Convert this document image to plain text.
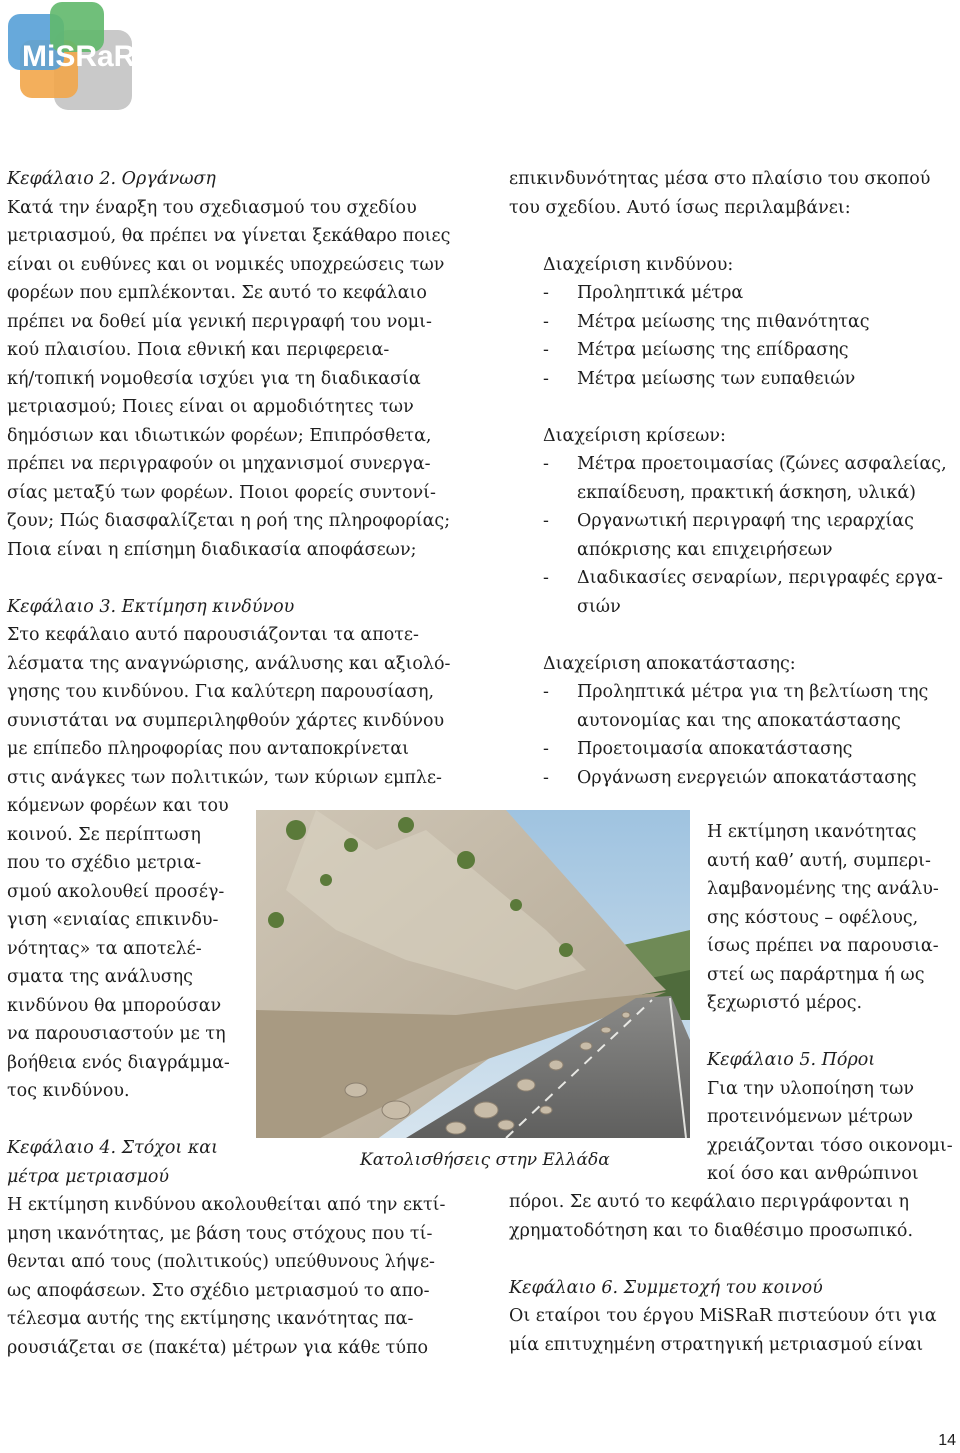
MiSRaR
Κεφάλαιο 2. Οργάνωση
Κατά την έναρξη του σχεδιασμού του σχεδίου
μετριασμού, θα πρέπει να γίνεται ξεκάθαρο ποιες
είναι οι ευθύνες και οι νομικές υποχρεώσεις των
φορέων που εμπλέκονται. Σε αυτό το κεφάλαιο
πρέπει να δοθεί μία γενική περιγραφή του νομι-
κού πλαισίου. Ποια εθνική και περιφερεια-
κή/τοπική νομοθεσία ισχύει για τη διαδικασία
μετριασμού; Ποιες είναι οι αρμοδιότητες των
δημόσιων και ιδιωτικών φορέων; Επιπρόσθετα,
πρέπει να περιγραφούν οι μηχανισμοί συνεργα-
σίας μεταξύ των φορέων. Ποιοι φορείς συντονί-
ζουν; Πώς διασφαλίζεται η ροή της πληροφορίας;
Ποια είναι η επίσημη διαδικασία αποφάσεων;
Κεφάλαιο 3. Εκτίμηση κινδύνου
Στο κεφάλαιο αυτό παρουσιάζονται τα αποτε-
λέσματα της αναγνώρισης, ανάλυσης και αξιολό-
γησης του κινδύνου. Για καλύτερη παρουσίαση,
συνιστάται να συμπεριληφθούν χάρτες κινδύνου
με επίπεδο πληροφορίας που ανταποκρίνεται
στις ανάγκες των πολιτικών, των κύριων εμπλε-
κόμενων φορέων και του
κοινού. Σε περίπτωση
που το σχέδιο μετρια-
σμού ακολουθεί προσέγ-
γιση «ενιαίας επικινδυ-
νότητας» τα αποτελέ-
σματα της ανάλυσης
κινδύνου θα μπορούσαν
να παρουσιαστούν με τη
βοήθεια ενός διαγράμμα-
τος κινδύνου.
Κεφάλαιο 4. Στόχοι και
μέτρα μετριασμού
Η εκτίμηση κινδύνου ακολουθείται από την εκτί-
μηση ικανότητας, με βάση τους στόχους που τί-
θενται από τους (πολιτικούς) υπεύθυνους λήψε-
ως αποφάσεων. Στο σχέδιο μετριασμού το απο-
τέλεσμα αυτής της εκτίμησης ικανότητας πα-
ρουσιάζεται σε (πακέτα) μέτρων για κάθε τύπο
επικινδυνότητας μέσα στο πλαίσιο του σκοπού
του σχεδίου. Αυτό ίσως περιλαμβάνει:
Διαχείριση κινδύνου:
- Προληπτικά μέτρα
- Μέτρα μείωσης της πιθανότητας
- Μέτρα μείωσης της επίδρασης
- Μέτρα μείωσης των ευπαθειών
Διαχείριση κρίσεων:
- Μέτρα προετοιμασίας (ζώνες ασφαλείας,
εκπαίδευση, πρακτική άσκηση, υλικά)
- Οργανωτική περιγραφή της ιεραρχίας
απόκρισης και επιχειρήσεων
- Διαδικασίες σεναρίων, περιγραφές εργα-
σιών
Διαχείριση αποκατάστασης:
- Προληπτικά μέτρα για τη βελτίωση της
αυτονομίας και της αποκατάστασης
- Προετοιμασία αποκατάστασης
- Οργάνωση ενεργειών αποκατάστασης
Κατολισθήσεις στην Ελλάδα
Η εκτίμηση ικανότητας
αυτή καθ’ αυτή, συμπερι-
λαμβανομένης της ανάλυ-
σης κόστους – οφέλους,
ίσως πρέπει να παρουσια-
στεί ως παράρτημα ή ως
ξεχωριστό μέρος.
Κεφάλαιο 5. Πόροι
Για την υλοποίηση των
προτεινόμενων μέτρων
χρειάζονται τόσο οικονομι-
κοί όσο και ανθρώπινοι
πόροι. Σε αυτό το κεφάλαιο περιγράφονται η
χρηματοδότηση και το διαθέσιμο προσωπικό.
Κεφάλαιο 6. Συμμετοχή του κοινού
Οι εταίροι του έργου MiSRaR πιστεύουν ότι για
μία επιτυχημένη στρατηγική μετριασμού είναι
14
